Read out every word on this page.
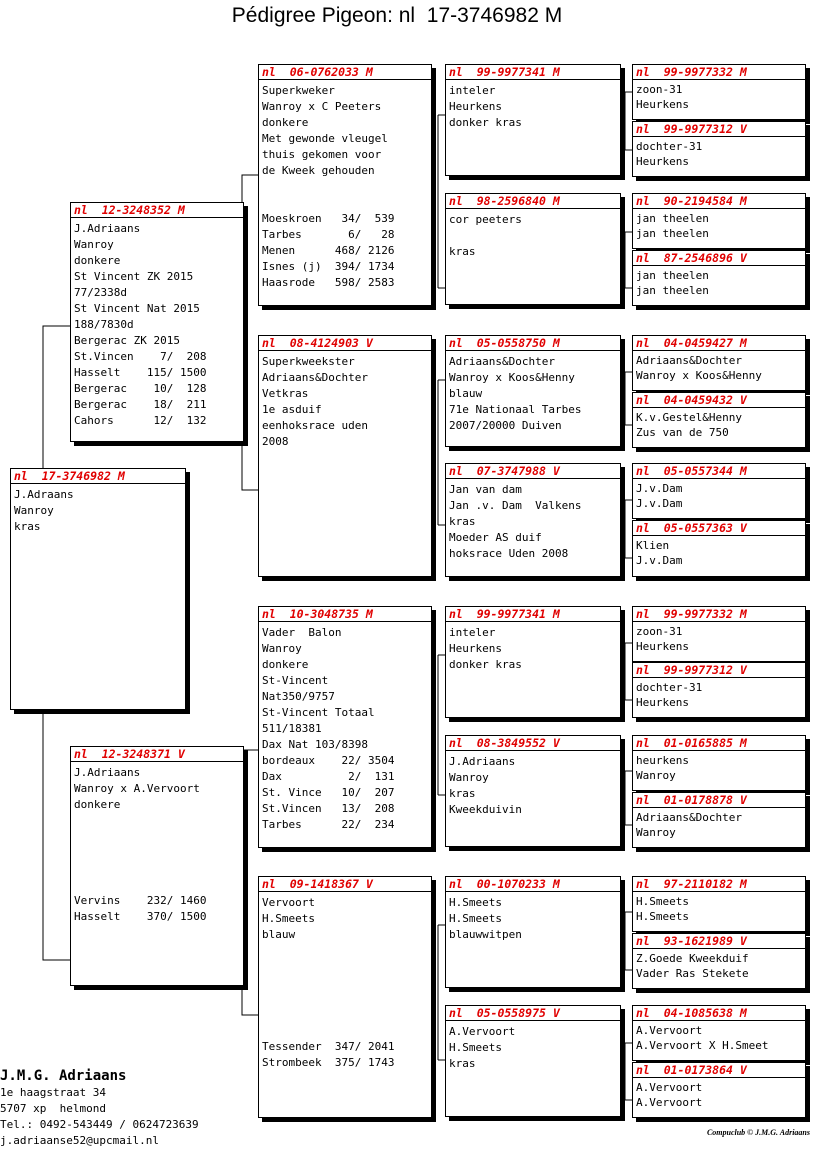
Pédigree Pigeon: nl  17-3746982 M
nl  17-3746982 M
J.Adraans
Wanroy
kras
nl  12-3248352 M
J.Adriaans
Wanroy
donkere
St Vincent ZK 2015
77/2338d
St Vincent Nat 2015
188/7830d
Bergerac ZK 2015
St.Vincen    7/  208
Hasselt    115/ 1500
Bergerac    10/  128
Bergerac    18/  211
Cahors      12/  132
nl  12-3248371 V
J.Adriaans
Wanroy x A.Vervoort
donkere

Vervins    232/ 1460
Hasselt    370/ 1500
nl  06-0762033 M
Superkweker
Wanroy x C Peeters
donkere
Met gewonde vleugel
thuis gekomen voor
de Kweek gehouden

Moeskroen   34/  539
Tarbes       6/   28
Menen      468/ 2126
Isnes (j)  394/ 1734
Haasrode   598/ 2583
nl  08-4124903 V
Superkweekster
Adriaans&Dochter
Vetkras
1e asduif
eenhoksrace uden
2008
nl  10-3048735 M
Vader  Balon
Wanroy
donkere
St-Vincent
Nat350/9757
St-Vincent Totaal
511/18381
Dax Nat 103/8398
bordeaux    22/ 3504
Dax          2/  131
St. Vince   10/  207
St.Vincen   13/  208
Tarbes      22/  234
nl  09-1418367 V
Vervoort
H.Smeets
blauw

Tessender  347/ 2041
Strombeek  375/ 1743
nl  99-9977341 M
inteler
Heurkens
donker kras
nl  98-2596840 M
cor peeters

kras
nl  05-0558750 M
Adriaans&Dochter
Wanroy x Koos&Henny
blauw
71e Nationaal Tarbes
2007/20000 Duiven
nl  07-3747988 V
Jan van dam
Jan .v. Dam  Valkens
kras
Moeder AS duif
hoksrace Uden 2008
nl  99-9977341 M
inteler
Heurkens
donker kras
nl  08-3849552 V
J.Adriaans
Wanroy
kras
Kweekduivin
nl  00-1070233 M
H.Smeets
H.Smeets
blauwwitpen
nl  05-0558975 V
A.Vervoort
H.Smeets
kras
nl  99-9977332 M
zoon-31
Heurkens
nl  99-9977312 V
dochter-31
Heurkens
nl  90-2194584 M
jan theelen
jan theelen
nl  87-2546896 V
jan theelen
jan theelen
nl  04-0459427 M
Adriaans&Dochter
Wanroy x Koos&Henny
nl  04-0459432 V
K.v.Gestel&Henny
Zus van de 750
nl  05-0557344 M
J.v.Dam
J.v.Dam
nl  05-0557363 V
Klien
J.v.Dam
nl  99-9977332 M
zoon-31
Heurkens
nl  99-9977312 V
dochter-31
Heurkens
nl  01-0165885 M
heurkens
Wanroy
nl  01-0178878 V
Adriaans&Dochter
Wanroy
nl  97-2110182 M
H.Smeets
H.Smeets
nl  93-1621989 V
Z.Goede Kweekduif
Vader Ras Stekete
nl  04-1085638 M
A.Vervoort
A.Vervoort X H.Smeet
nl  01-0173864 V
A.Vervoort
A.Vervoort

J.M.G. Adriaans
1e haagstraat 34
5707 xp  helmond
Tel.: 0492-543449 / 0624723639
j.adriaanse52@upcmail.nl

Compuclub © J.M.G. Adriaans
